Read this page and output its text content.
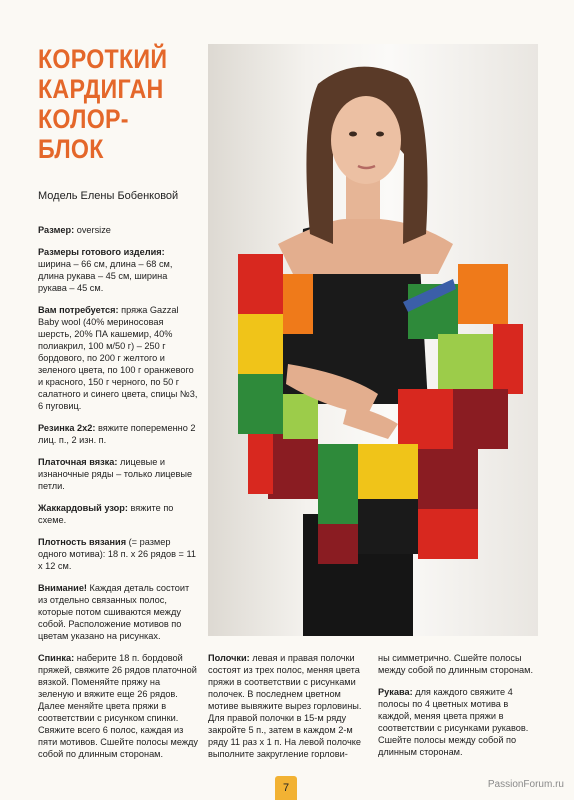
КОРОТКИЙ
КАРДИГАН
КОЛОР-
БЛОК
Модель Елены Бобенковой

Размер: oversize

Размеры готового изделия: ширина – 66 см, длина – 68 см, длина рукава – 45 см, ширина рукава – 45 см.

Вам потребуется: пряжа Gazzal Baby wool (40% мериносовая шерсть, 20% ПА кашемир, 40% полиакрил, 100 м/50 г) – 250 г бордового, по 200 г желтого и зеленого цвета, по 100 г оранжевого и красного, 150 г черного, по 50 г салатного и синего цвета, спицы №3, 6 пуговиц.

Резинка 2х2: вяжите попеременно 2 лиц. п., 2 изн. п.

Платочная вязка: лицевые и изнаночные ряды – только лицевые петли.

Жаккардовый узор: вяжите по схеме.

Плотность вязания (= размер одного мотива): 18 п. х 26 рядов = 11 х 12 см.

Внимание! Каждая деталь состоит из отдельно связанных полос, которые потом сшиваются между собой. Расположение мотивов по цветам указано на рисунках.

Спинка: наберите 18 п. бордовой пряжей, свяжите 26 рядов платочной вязкой. Поменяйте пряжу на зеленую и вяжите еще 26 рядов. Далее меняйте цвета пряжи в соответствии с рисунком спинки. Свяжите всего 6 полос, каждая из пяти мотивов. Сшейте полосы между собой по длинным сторонам.
Полочки: левая и правая полочки состоят из трех полос, меняя цвета пряжи в соответствии с рисунками полочек. В последнем цветном мотиве вывяжите вырез горловины. Для правой полочки в 15-м ряду закройте 5 п., затем в каждом 2-м ряду 11 раз х 1 п. На левой полочке выполните закругление горлови-

ны симметрично. Сшейте полосы между собой по длинным сторонам.

Рукава: для каждого свяжите 4 полосы по 4 цветных мотива в каждой, меняя цвета пряжи в соответствии с рисунками рукавов. Сшейте полосы между собой по длинным сторонам.

7	PassionForum.ru
